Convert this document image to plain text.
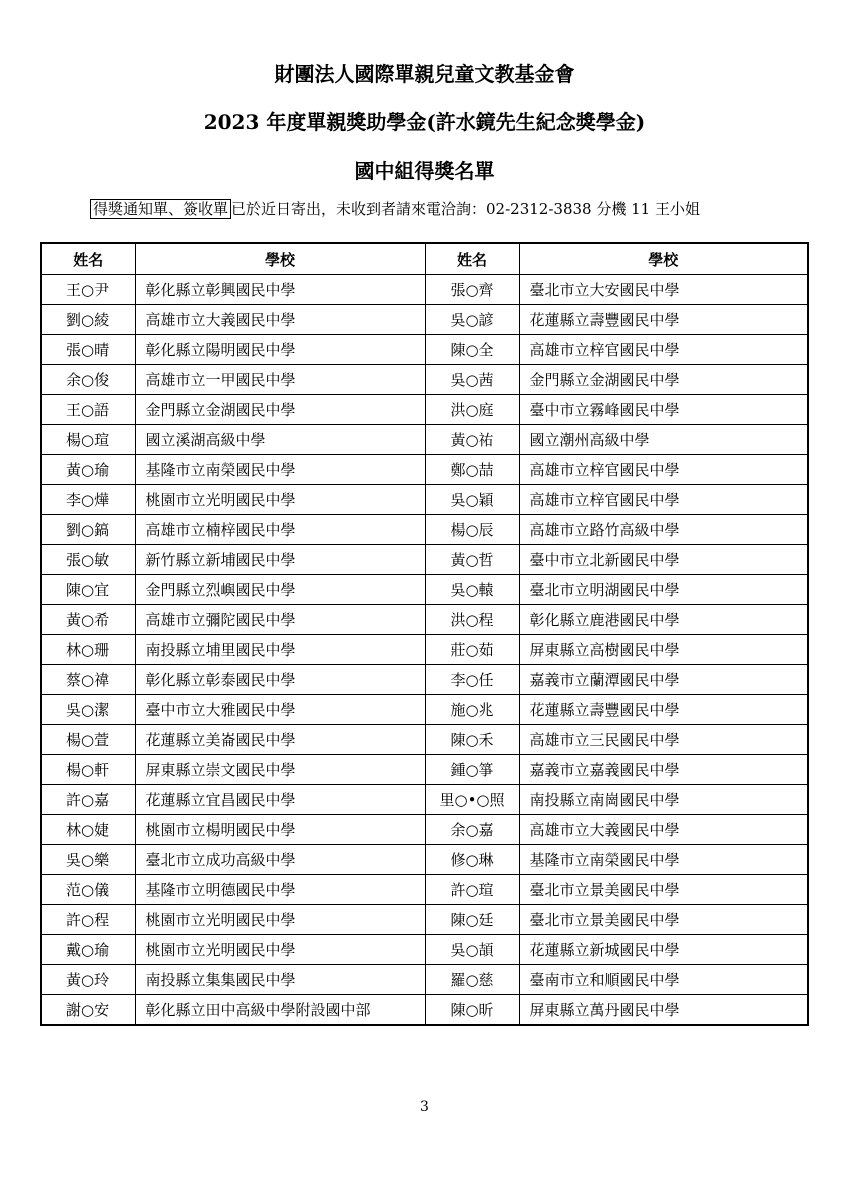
財團法人國際單親兒童文教基金會
2023 年度單親獎助學金(許水鏡先生紀念獎學金)
國中組得獎名單
得獎通知單、簽收單 已於近日寄出，未收到者請來電洽詢：02-2312-3838 分機 11 王小姐
姓名	學校	姓名	學校
王○尹	彰化縣立彰興國民中學	張○齊	臺北市立大安國民中學
劉○綾	高雄市立大義國民中學	吳○諺	花蓮縣立壽豐國民中學
張○晴	彰化縣立陽明國民中學	陳○全	高雄市立梓官國民中學
余○俊	高雄市立一甲國民中學	吳○茜	金門縣立金湖國民中學
王○語	金門縣立金湖國民中學	洪○庭	臺中市立霧峰國民中學
楊○瑄	國立溪湖高級中學	黃○祐	國立潮州高級中學
黃○瑜	基隆市立南榮國民中學	鄭○喆	高雄市立梓官國民中學
李○燁	桃園市立光明國民中學	吳○穎	高雄市立梓官國民中學
劉○鎬	高雄市立楠梓國民中學	楊○辰	高雄市立路竹高級中學
張○敏	新竹縣立新埔國民中學	黃○哲	臺中市立北新國民中學
陳○宜	金門縣立烈嶼國民中學	吳○轅	臺北市立明湖國民中學
黃○希	高雄市立彌陀國民中學	洪○程	彰化縣立鹿港國民中學
林○珊	南投縣立埔里國民中學	莊○茹	屏東縣立高樹國民中學
蔡○禕	彰化縣立彰泰國民中學	李○任	嘉義市立蘭潭國民中學
吳○潔	臺中市立大雅國民中學	施○兆	花蓮縣立壽豐國民中學
楊○萱	花蓮縣立美崙國民中學	陳○禾	高雄市立三民國民中學
楊○軒	屏東縣立崇文國民中學	鍾○箏	嘉義市立嘉義國民中學
許○嘉	花蓮縣立宜昌國民中學	里○•○照	南投縣立南崗國民中學
林○婕	桃園市立楊明國民中學	余○嘉	高雄市立大義國民中學
吳○樂	臺北市立成功高級中學	修○琳	基隆市立南榮國民中學
范○儀	基隆市立明德國民中學	許○瑄	臺北市立景美國民中學
許○程	桃園市立光明國民中學	陳○廷	臺北市立景美國民中學
戴○瑜	桃園市立光明國民中學	吳○頡	花蓮縣立新城國民中學
黃○玲	南投縣立集集國民中學	羅○慈	臺南市立和順國民中學
謝○安	彰化縣立田中高級中學附設國中部	陳○昕	屏東縣立萬丹國民中學
3
